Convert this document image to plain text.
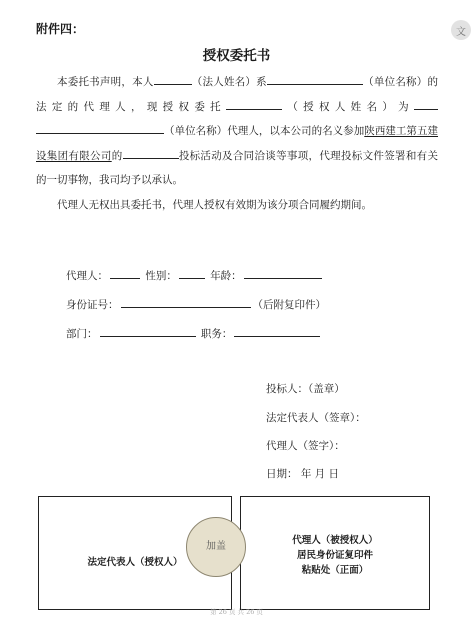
文
附件四：
授权委托书

本委托书声明，本人	（法人姓名）系	（单位名称）的法定的代理人，现授权委托	（授权人姓名）为（单位名称）代理人，以本公司的名义参加陕西建工第五建设集团有限公司的	投标活动及合同洽谈等事项，代理投标文件签署和有关的一切事物，我司均予以承认。

代理人无权出具委托书，代理人授权有效期为该分项合同履约期间。

代理人：	性别：	年龄：
身份证号：	（后附复印件）
部门：	职务：
投标人：（盖章）
法定代表人（签章）：
代理人（签字）：
日期： 年 月 日
法定代表人（授权人）
代理人（被授权人）
居民身份证复印件
粘贴处（正面）
加盖
第 26 页 共 26 页
